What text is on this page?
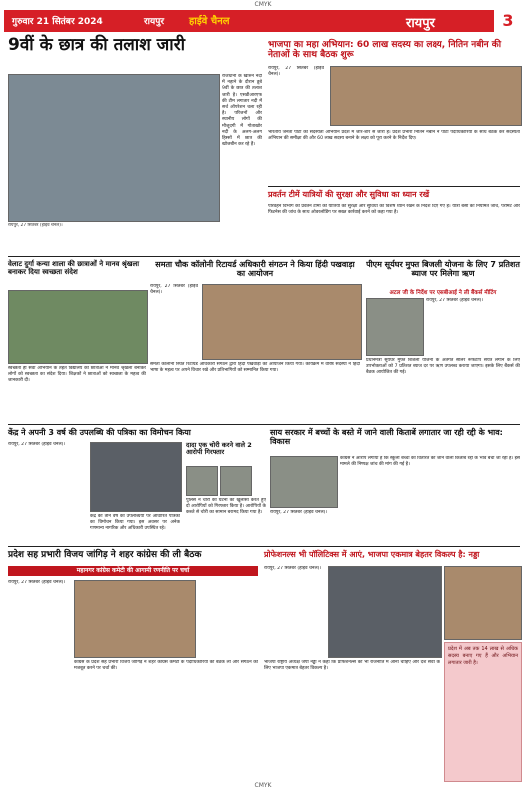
CMYK
गुरुवार 21 सितंबर 2024	रायपुर हाईवे चैनल	रायपुर	3
9वीं के छात्र की तलाश जारी
राजधानी के खारुन नदी में नहाने के दौरान डूबे 9वीं के छात्र की तलाश जारी है। एसडीआरएफ की टीम लगातार नदी में सर्च ऑपरेशन चला रही है। परिजनों और स्थानीय लोगों की मौजूदगी में गोताखोर नदी के अलग-अलग हिस्सों में छात्र की खोजबीन कर रहे हैं।
रायपुर, 27 सितंबर (हाईवे चैनल)।
भाजपा का महा अभियान: 60 लाख सदस्य का लक्ष्य, नितिन नबीन की नेताओं के साथ बैठक शुरू
रायपुर, 27 सितंबर (हाईवे चैनल)।
भारतीय जनता पार्टी का सदस्यता अभियान प्रदेश में जोर-शोर से जारी है। प्रदेश प्रभारी नितिन नबीन ने पार्टी पदाधिकारियों के साथ बैठक कर सदस्यता अभियान की समीक्षा की और 60 लाख सदस्य बनाने के लक्ष्य को पूरा करने के निर्देश दिए।
प्रवर्तन टीमें यात्रियों की सुरक्षा और सुविधा का ध्यान रखें
परिवहन विभाग की प्रवर्तन टीमों को यात्रियों की सुरक्षा और सुविधा का विशेष ध्यान रखने के निर्देश दिए गए हैं। यात्री बसों की नियमित जांच, परमिट और फिटनेस की जांच के साथ ओवरलोडिंग पर सख्त कार्रवाई करने को कहा गया है।
वेलाट दुर्गा कन्या शाला की छात्राओं ने मानव श्रृंखला बनाकर दिया स्वच्छता संदेश
स्वच्छता ही सेवा अभियान के तहत विद्यालय की छात्राओं ने मानव श्रृंखला बनाकर लोगों को स्वच्छता का संदेश दिया। शिक्षकों ने छात्राओं को स्वच्छता के महत्व की जानकारी दी।
समता चौक कॉलोनी रिटायर्ड अधिकारी संगठन ने किया हिंदी पखवाड़ा का आयोजन
रायपुर, 27 सितंबर (हाईवे चैनल)।
समता कॉलोनी स्थित रिटायर्ड अधिकारी संगठन द्वारा हिंदी पखवाड़ा का आयोजन किया गया। कार्यक्रम में वरिष्ठ सदस्यों ने हिंदी भाषा के महत्व पर अपने विचार रखे और प्रतिभागियों को सम्मानित किया गया।
पीएम सूर्यघर मुफ्त बिजली योजना के लिए 7 प्रतिशत ब्याज पर मिलेगा ऋण
अटल जी के निर्देश पर एसबीआई ने ली बैंकर्स मीटिंग
रायपुर, 27 सितंबर (हाईवे चैनल)।
प्रधानमंत्री सूर्यघर मुफ्त बिजली योजना के अंतर्गत सोलर रूफटॉप संयंत्र लगाने के लिए उपभोक्ताओं को 7 प्रतिशत ब्याज दर पर ऋण उपलब्ध कराया जाएगा। इसके लिए बैंकर्स की बैठक आयोजित की गई।
केंद्र ने अपनी 3 वर्ष की उपलब्धि की पत्रिका का विमोचन किया
रायपुर, 27 सितंबर (हाईवे चैनल)।
केंद्र की तीन वर्ष की उपलब्धियों पर आधारित पत्रिका का विमोचन किया गया। इस अवसर पर अनेक गणमान्य नागरिक और अधिकारी उपस्थित रहे।
दादा एक चोरी करने वाले 2 आरोपी गिरफ्तार
पुलिस ने चोरी की घटना का खुलासा करते हुए दो आरोपियों को गिरफ्तार किया है। आरोपियों के कब्जे से चोरी का सामान बरामद किया गया है।
साय सरकार में बच्चों के बस्ते में जाने वाली किताबें लगातार जा रही रद्दी के भाव: विकास
कांग्रेस ने आरोप लगाया है कि स्कूली बच्चों को वितरित की जाने वाली किताबें रद्दी के भाव बेची जा रही हैं। इस मामले की निष्पक्ष जांच की मांग की गई है।
रायपुर, 27 सितंबर (हाईवे चैनल)।
प्रदेश सह प्रभारी विजय जांगिड़ ने शहर कांग्रेस की ली बैठक
महानगर कांग्रेस कमेटी की आगामी रणनीति पर चर्चा
रायपुर, 27 सितंबर (हाईवे चैनल)।
कांग्रेस के प्रदेश सह प्रभारी विजय जांगिड़ ने शहर कांग्रेस कमेटी के पदाधिकारियों की बैठक ली और संगठन को मजबूत करने पर चर्चा की।
प्रोफेशनल्स भी पॉलिटिक्स में आएं, भाजपा एकमात्र बेहतर विकल्प है: नड्डा
रायपुर, 27 सितंबर (हाईवे चैनल)।
भाजपा राष्ट्रीय अध्यक्ष जेपी नड्डा ने कहा कि प्रोफेशनल्स को भी राजनीति में आना चाहिए और देश सेवा के लिए भाजपा एकमात्र बेहतर विकल्प है।
प्रदेश में अब तक 14 लाख से अधिक सदस्य बनाए गए हैं और अभियान लगातार जारी है।
CMYK
